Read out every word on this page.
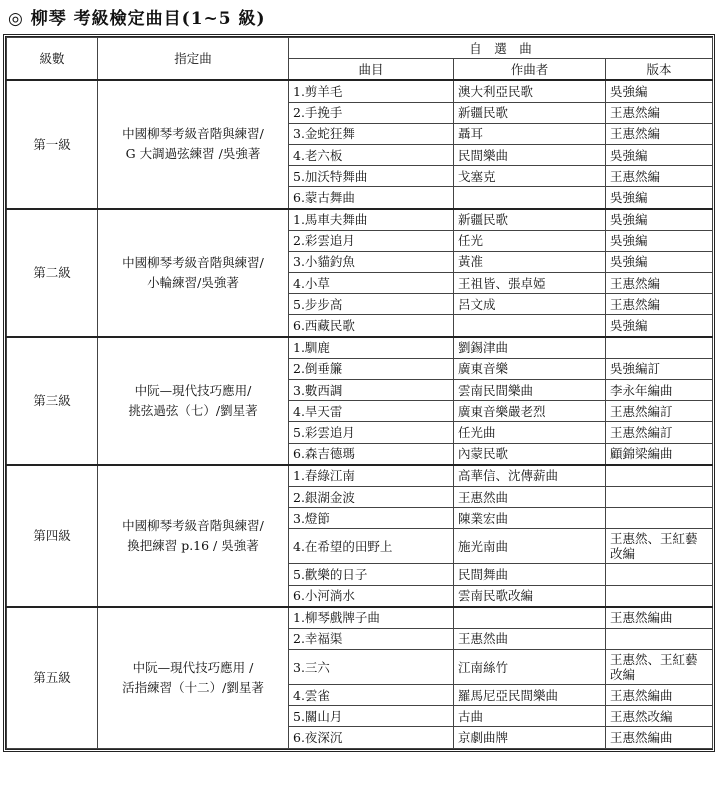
◎ 柳琴 考級檢定曲目(1~5 級)
級數	指定曲	自　選　曲		
		曲目	作曲者	版本
第一級	中國柳琴考級音階與練習/
G 大調過弦練習 /吳強著	1.剪羊毛	澳大利亞民歌	吳強編
		2.手挽手	新疆民歌	王惠然編
		3.金蛇狂舞	聶耳	王惠然編
		4.老六板	民間樂曲	吳強編
		5.加沃特舞曲	戈塞克	王惠然編
		6.蒙古舞曲		吳強編
第二級	中國柳琴考級音階與練習/
小輪練習/吳強著	1.馬車夫舞曲	新疆民歌	吳強編
		2.彩雲追月	任光	吳強編
		3.小貓釣魚	黃准	吳強編
		4.小草	王祖皆、張卓婭	王惠然編
		5.步步高	呂文成	王惠然編
		6.西藏民歌		吳強編
第三級	中阮—現代技巧應用/
挑弦過弦（七）/劉星著	1.馴鹿	劉錫津曲	
		2.倒垂簾	廣東音樂	吳強編訂
		3.數西調	雲南民間樂曲	李永年編曲
		4.旱天雷	廣東音樂嚴老烈	王惠然編訂
		5.彩雲追月	任光曲	王惠然編訂
		6.森吉德瑪	內蒙民歌	顧錦梁編曲
第四級	中國柳琴考級音階與練習/
換把練習 p.16 / 吳強著	1.春綠江南	高華信、沈傳薪曲	
		2.銀湖金波	王惠然曲	
		3.燈節	陳業宏曲	
		4.在希望的田野上	施光南曲	王惠然、王紅藝改編
		5.歡樂的日子	民間舞曲	
		6.小河淌水	雲南民歌改編	
第五級	中阮—現代技巧應用 /
活指練習（十二）/劉星著	1.柳琴戲牌子曲		王惠然編曲
		2.幸福渠	王惠然曲	
		3.三六	江南絲竹	王惠然、王紅藝改編
		4.雲雀	羅馬尼亞民間樂曲	王惠然編曲
		5.關山月	古曲	王惠然改編
		6.夜深沉	京劇曲牌	王惠然編曲
